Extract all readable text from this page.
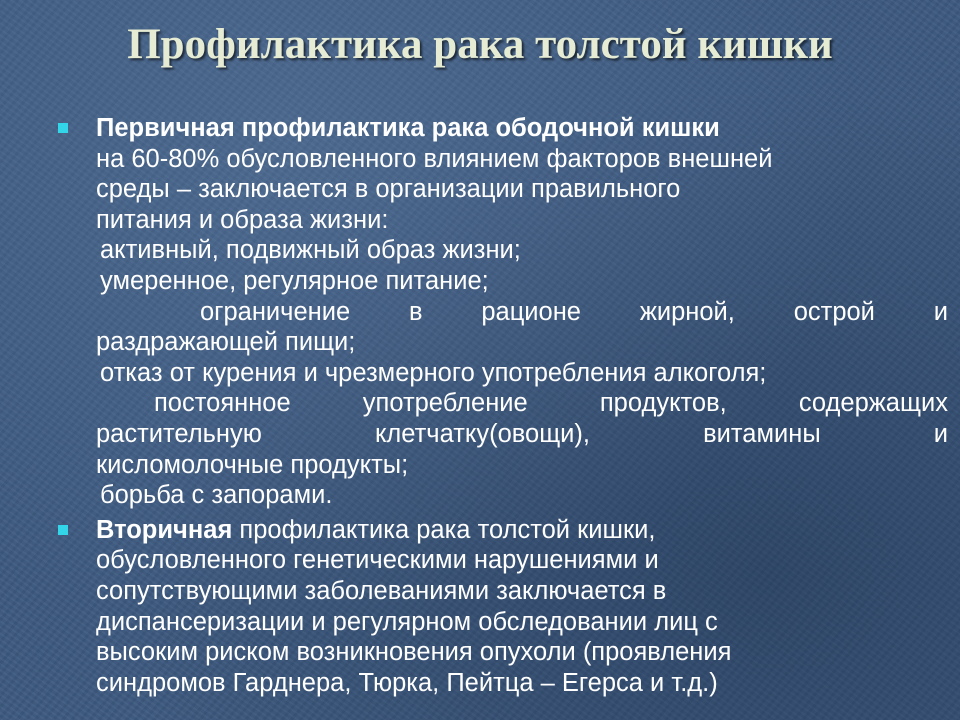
Профилактика рака толстой кишки
Первичная профилактика рака ободочной кишки
на 60-80% обусловленного влиянием факторов внешней
среды – заключается в организации правильного
питания и образа жизни:
активный, подвижный образ жизни;
умеренное, регулярное питание;
ограничение в рационе жирной, острой и
раздражающей пищи;
отказ от курения и чрезмерного употребления алкоголя;
постоянное	употребление	продуктов,	содержащих
растительную	клетчатку(овощи),	витамины	и
кисломолочные продукты;
борьба с запорами.
Вторичная профилактика рака толстой кишки,
обусловленного генетическими нарушениями и
сопутствующими заболеваниями заключается в
диспансеризации и регулярном обследовании лиц с
высоким риском возникновения опухоли (проявления
синдромов Гарднера, Тюрка, Пейтца – Егерса и т.д.)
